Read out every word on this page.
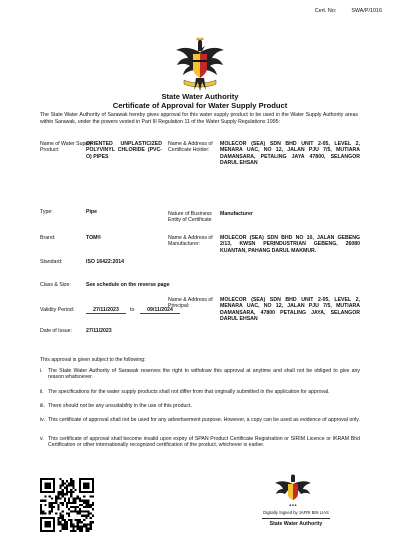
Cert. No:	SWA/P/1016
State Water Authority
Certificate of Approval for Water Supply Product
The State Water Authority of Sarawak hereby gives approval for this water supply product to be used in the Water Supply Authority areas within Sarawak, under the powers vested in Part III Regulation 11 of the Water Supply Regulations 1995:
Name of Water Supply Product:
ORIENTED UNPLASTICIZED POLYVINYL CHLORIDE (PVC-O) PIPES
Name & Address of Certificate Holder:
MOLECOR (SEA) SDN BHD UNIT 2-05, LEVEL 2, MENARA UAC, NO 12, JALAN PJU 7/5, MUTIARA DAMANSARA, PETALING JAYA 47800, SELANGOR DARUL EHSAN
Type:	Pipe	Nature of Business Entity of Certificate
Manufacturer
Brand:	TOM®	Name & Address of Manufacturer:
MOLECOR (SEA) SDN BHD NO 10, JALAN GEBENG 2/13, KWSN PERINDUSTRIAN GEBENG, 26080 KUANTAN, PAHANG DARUL MAKMUR.
Standard:	ISO 16422:2014
Class & Size:	See schedule on the reverse page
Name & Address of Principal:
MOLECOR (SEA) SDN BHD UNIT 2-05, LEVEL 2, MENARA UAC, NO 12, JALAN PJU 7/5, MUTIARA DAMANSARA, 47800 PETALING JAYA, SELANGOR DARUL EHSAN
Validity Period:	27/11/2023	to	09/11/2024
Date of Issue:	27/11/2023
This approval is given subject to the following:
i. The State Water Authority of Sarawak reserves the right to withdraw this approval at anytime and shall not be obliged to give any reason whatsoever.
ii. The specifications for the water supply products shall not differ from that originally submitted in the application for approval.
iii. There should not be any unsuitability in the use of this product.
iv. This certificate of approval shall not be used for any advertisement purpose. However, a copy can be used as evidence of approval only.
v. This certificate of approval shall become invalid upon expiry of SPAN Product Certificate Registration or SIRIM Licence or IKRAM Bhd Certification or other internationally recognized certification of the product, whichever is earlier.
■ ■ ■
Digitally Signed by JAFRI BIN LIAS
State Water Authority
